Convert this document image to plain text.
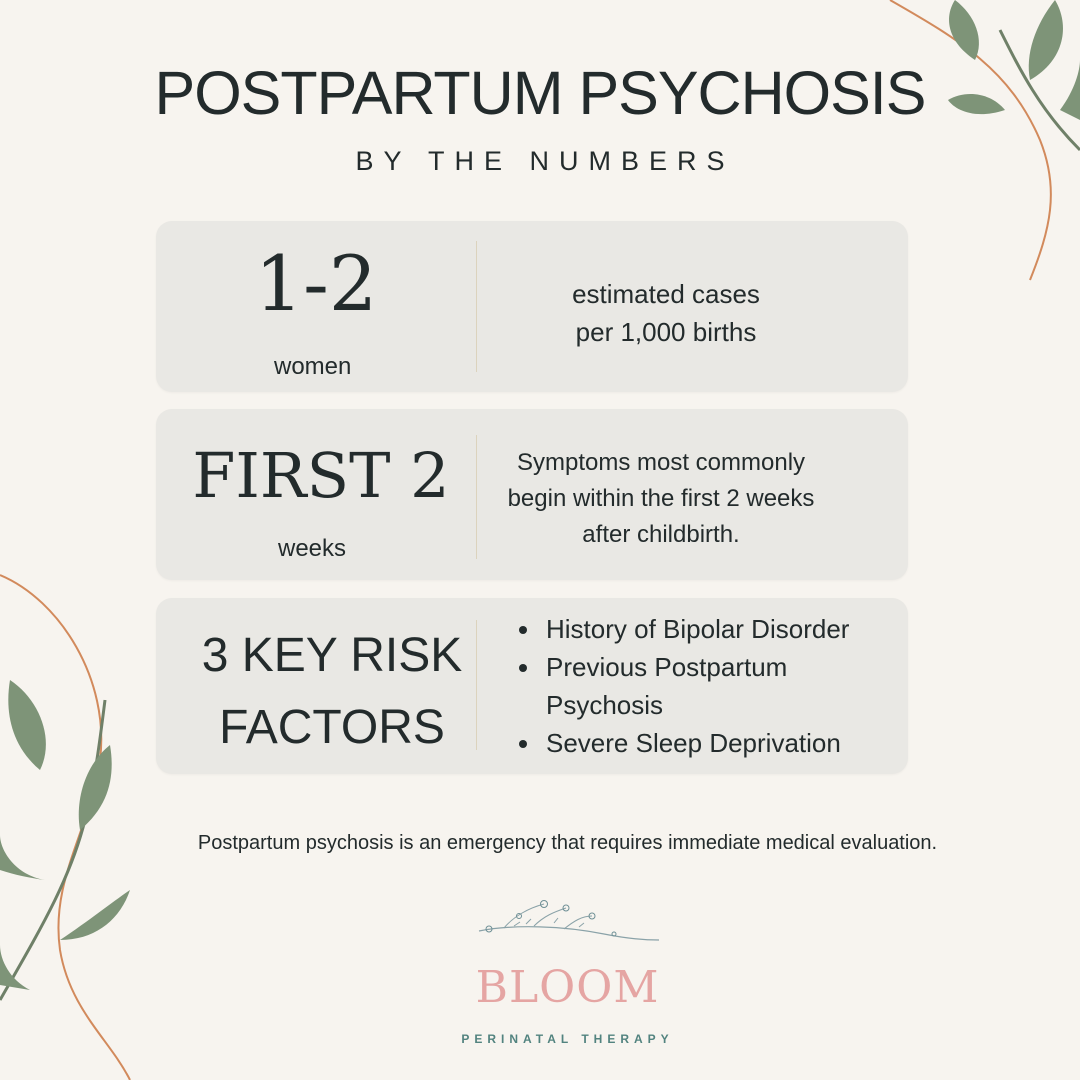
POSTPARTUM PSYCHOSIS
BY THE NUMBERS
1-2
women
estimated cases
per 1,000 births
FIRST 2
weeks
Symptoms most commonly
begin within the first 2 weeks
after childbirth.
3 KEY RISK
FACTORS
• History of Bipolar Disorder
• Previous Postpartum Psychosis
• Severe Sleep Deprivation
Postpartum psychosis is an emergency that requires immediate medical evaluation.
BLOOM
PERINATAL THERAPY
